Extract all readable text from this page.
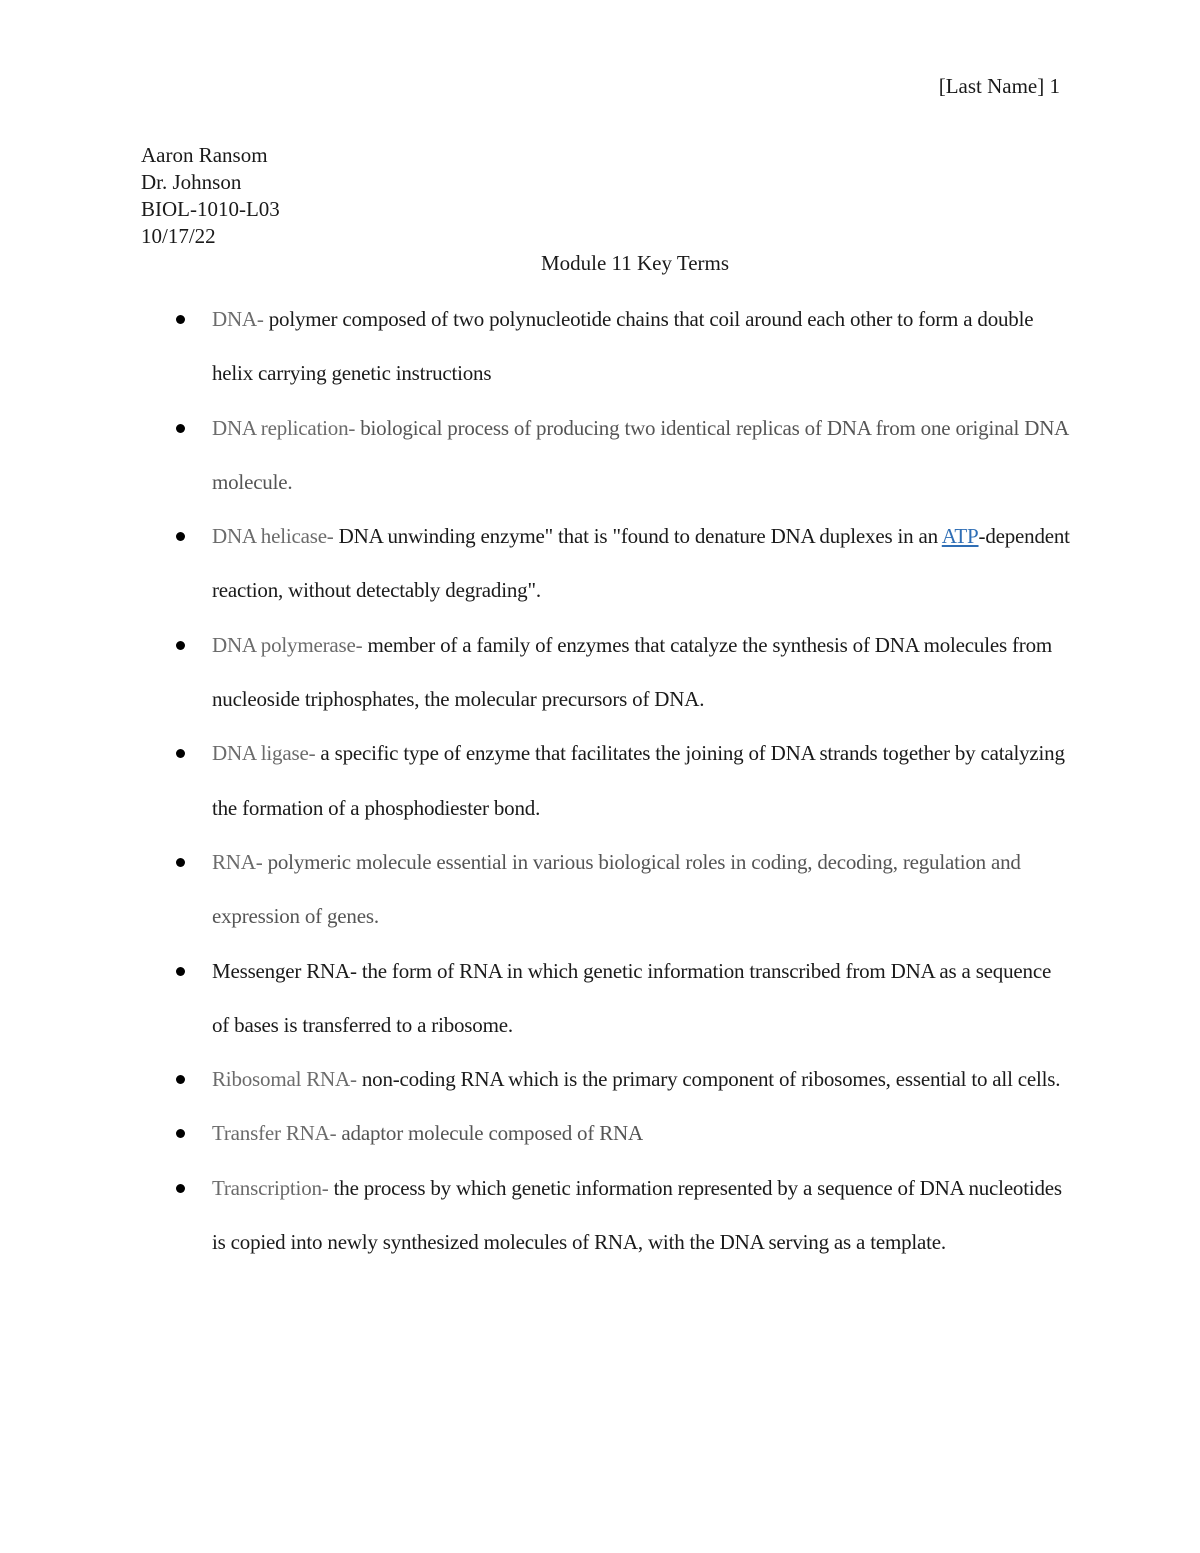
[Last Name] 1
Aaron Ransom
Dr. Johnson
BIOL-1010-L03
10/17/22
Module 11 Key Terms
DNA- polymer composed of two polynucleotide chains that coil around each other to form a double helix carrying genetic instructions
DNA replication- biological process of producing two identical replicas of DNA from one original DNA molecule.
DNA helicase- DNA unwinding enzyme" that is "found to denature DNA duplexes in an ATP-dependent reaction, without detectably degrading".
DNA polymerase- member of a family of enzymes that catalyze the synthesis of DNA molecules from nucleoside triphosphates, the molecular precursors of DNA.
DNA ligase- a specific type of enzyme that facilitates the joining of DNA strands together by catalyzing the formation of a phosphodiester bond.
RNA- polymeric molecule essential in various biological roles in coding, decoding, regulation and expression of genes.
Messenger RNA- the form of RNA in which genetic information transcribed from DNA as a sequence of bases is transferred to a ribosome.
Ribosomal RNA- non-coding RNA which is the primary component of ribosomes, essential to all cells.
Transfer RNA- adaptor molecule composed of RNA
Transcription- the process by which genetic information represented by a sequence of DNA nucleotides is copied into newly synthesized molecules of RNA, with the DNA serving as a template.
